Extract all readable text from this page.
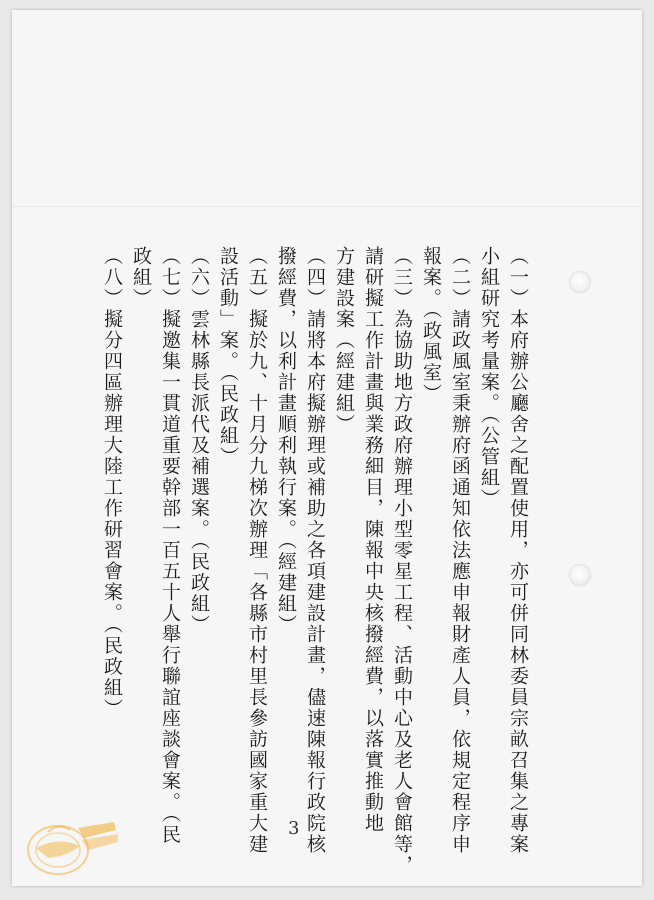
（一）本府辦公廳舍之配置使用，亦可併同林委員宗畝召集之專案
小組研究考量案。（公管組）
（二）請政風室秉辦府函通知依法應申報財產人員，依規定程序申
報案。（政風室）
（三）為協助地方政府辦理小型零星工程、活動中心及老人會館等，
請研擬工作計畫與業務細目，陳報中央核撥經費，以落實推動地
方建設案（經建組）
（四）請將本府擬辦理或補助之各項建設計畫，儘速陳報行政院核
撥經費，以利計畫順利執行案。（經建組）
（五）擬於九、十月分九梯次辦理「各縣市村里長參訪國家重大建
設活動」案。（民政組）
（六）雲林縣長派代及補選案。（民政組）
（七）擬邀集一貫道重要幹部一百五十人舉行聯誼座談會案。（民
政組）
（八）擬分四區辦理大陸工作研習會案。（民政組）
3
